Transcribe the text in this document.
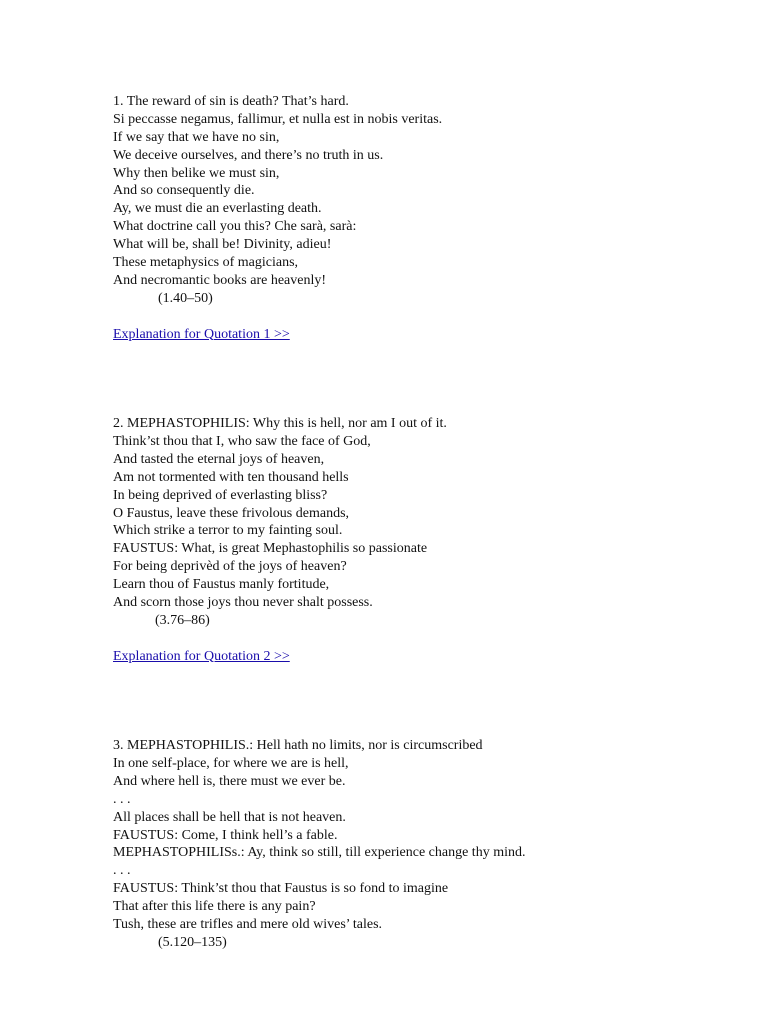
1. The reward of sin is death? That’s hard.
Si peccasse negamus, fallimur, et nulla est in nobis veritas.
If we say that we have no sin,
We deceive ourselves, and there’s no truth in us.
Why then belike we must sin,
And so consequently die.
Ay, we must die an everlasting death.
What doctrine call you this? Che sarà, sarà:
What will be, shall be! Divinity, adieu!
These metaphysics of magicians,
And necromantic books are heavenly!
(1.40–50)
Explanation for Quotation 1 >>
2. MEPHASTOPHILIS: Why this is hell, nor am I out of it.
Think’st thou that I, who saw the face of God,
And tasted the eternal joys of heaven,
Am not tormented with ten thousand hells
In being deprived of everlasting bliss?
O Faustus, leave these frivolous demands,
Which strike a terror to my fainting soul.
FAUSTUS: What, is great Mephastophilis so passionate
For being deprivèd of the joys of heaven?
Learn thou of Faustus manly fortitude,
And scorn those joys thou never shalt possess.
(3.76–86)
Explanation for Quotation 2 >>
3. MEPHASTOPHILIS.: Hell hath no limits, nor is circumscribed
In one self-place, for where we are is hell,
And where hell is, there must we ever be.
. . .
All places shall be hell that is not heaven.
FAUSTUS: Come, I think hell’s a fable.
MEPHASTOPHILISs.: Ay, think so still, till experience change thy mind.
. . .
FAUSTUS: Think’st thou that Faustus is so fond to imagine
That after this life there is any pain?
Tush, these are trifles and mere old wives’ tales.
(5.120–135)
